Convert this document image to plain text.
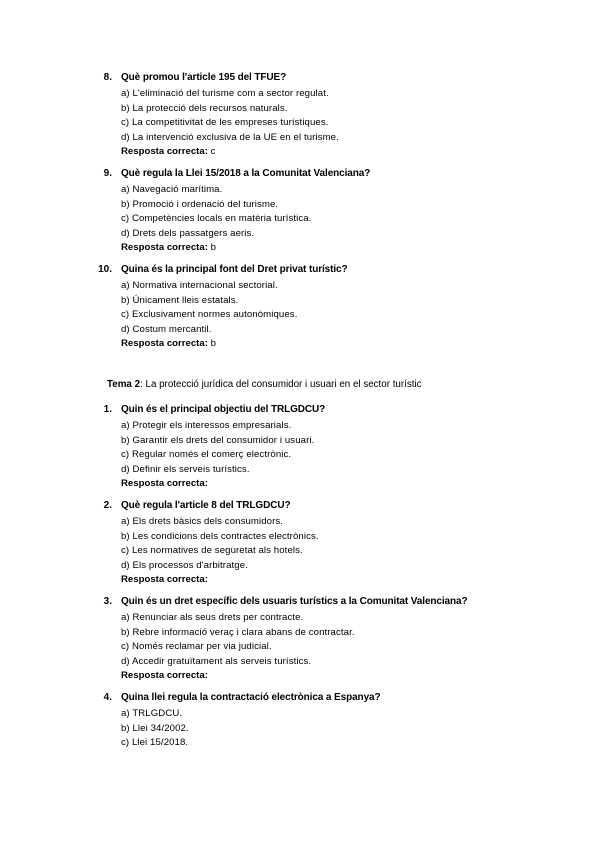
8. Què promou l'article 195 del TFUE?
a) L'eliminació del turisme com a sector regulat.
b) La protecció dels recursos naturals.
c) La competitivitat de les empreses turístiques.
d) La intervenció exclusiva de la UE en el turisme.
Resposta correcta: c
9. Què regula la Llei 15/2018 a la Comunitat Valenciana?
a) Navegació marítima.
b) Promoció i ordenació del turisme.
c) Competències locals en matèria turística.
d) Drets dels passatgers aeris.
Resposta correcta: b
10. Quina és la principal font del Dret privat turístic?
a) Normativa internacional sectorial.
b) Únicament lleis estatals.
c) Exclusivament normes autonòmiques.
d) Costum mercantil.
Resposta correcta: b
Tema 2: La protecció jurídica del consumidor i usuari en el sector turístic
1. Quin és el principal objectiu del TRLGDCU?
a) Protegir els interessos empresarials.
b) Garantir els drets del consumidor i usuari.
c) Regular només el comerç electrònic.
d) Definir els serveis turístics.
Resposta correcta:
2. Què regula l'article 8 del TRLGDCU?
a) Els drets bàsics dels consumidors.
b) Les condicions dels contractes electrònics.
c) Les normatives de seguretat als hotels.
d) Els processos d'arbitratge.
Resposta correcta:
3. Quin és un dret específic dels usuaris turístics a la Comunitat Valenciana?
a) Renunciar als seus drets per contracte.
b) Rebre informació veraç i clara abans de contractar.
c) Només reclamar per via judicial.
d) Accedir gratuïtament als serveis turístics.
Resposta correcta:
4. Quina llei regula la contractació electrònica a Espanya?
a) TRLGDCU.
b) Llei 34/2002.
c) Llei 15/2018.
